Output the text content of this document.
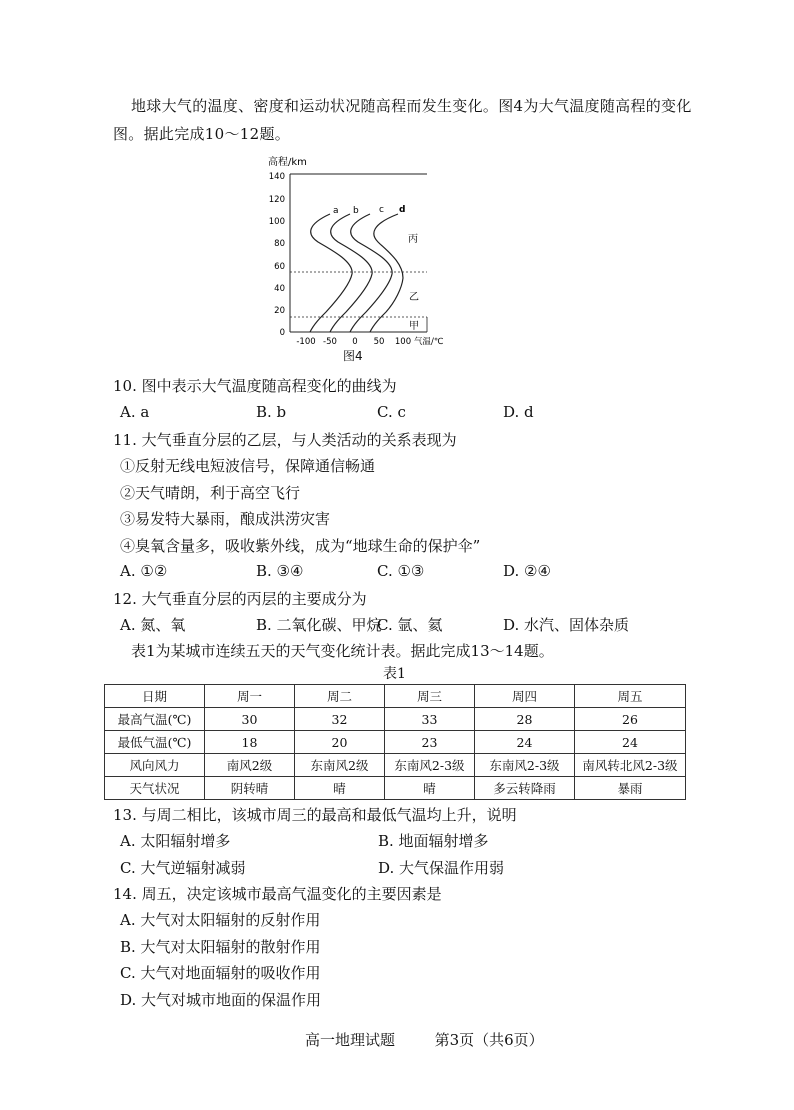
地球大气的温度、密度和运动状况随高程而发生变化。图4为大气温度随高程的变化
图。据此完成10～12题。
高程/km
0
20
40
60
80
100
120
140
-100 -50 0 50 100 气温/℃
a b c d
甲
乙
丙
图4
10. 图中表示大气温度随高程变化的曲线为
A. a	B. b	C. c	D. d
11. 大气垂直分层的乙层，与人类活动的关系表现为
①反射无线电短波信号，保障通信畅通
②天气晴朗，利于高空飞行
③易发特大暴雨，酿成洪涝灾害
④臭氧含量多，吸收紫外线，成为“地球生命的保护伞”
A. ①②	B. ③④	C. ①③	D. ②④
12. 大气垂直分层的丙层的主要成分为
A. 氮、氧	B. 二氧化碳、甲烷
C. 氩、氦	D. 水汽、固体杂质
表1为某城市连续五天的天气变化统计表。据此完成13～14题。
表1
日期	周一	周二	周三	周四	周五
最高气温(℃)	30	32	33	28	26
最低气温(℃)	18	20	23	24	24
风向风力	南风2级	东南风2级	东南风2-3级	东南风2-3级	南风转北风2-3级
天气状况	阴转晴	晴	晴	多云转降雨	暴雨
13. 与周二相比，该城市周三的最高和最低气温均上升，说明
A. 太阳辐射增多	B. 地面辐射增多
C. 大气逆辐射减弱	D. 大气保温作用弱
14. 周五，决定该城市最高气温变化的主要因素是
A. 大气对太阳辐射的反射作用
B. 大气对太阳辐射的散射作用
C. 大气对地面辐射的吸收作用
D. 大气对城市地面的保温作用
高一地理试题	第3页（共6页）
